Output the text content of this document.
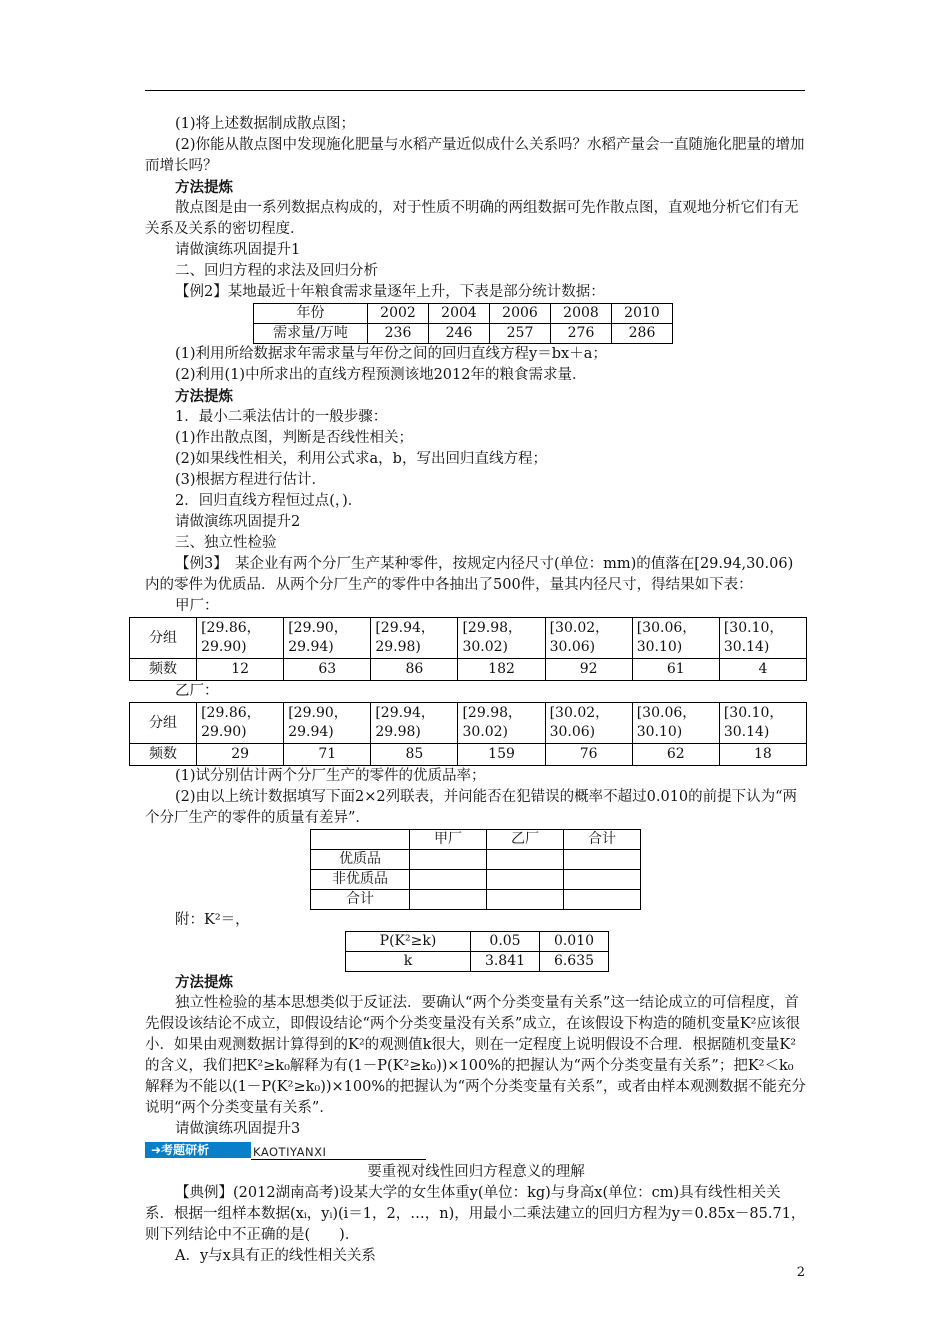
(1)将上述数据制成散点图；

(2)你能从散点图中发现施化肥量与水稻产量近似成什么关系吗？水稻产量会一直随施化肥量的增加而增长吗？

方法提炼

散点图是由一系列数据点构成的，对于性质不明确的两组数据可先作散点图，直观地分析它们有无关系及关系的密切程度．

请做演练巩固提升1

二、回归方程的求法及回归分析

【例2】某地最近十年粮食需求量逐年上升，下表是部分统计数据：

年份	2002	2004	2006	2008	2010
需求量/万吨	236	246	257	276	286

(1)利用所给数据求年需求量与年份之间的回归直线方程y＝bx＋a；

(2)利用(1)中所求出的直线方程预测该地2012年的粮食需求量．

方法提炼

1．最小二乘法估计的一般步骤：

(1)作出散点图，判断是否线性相关；

(2)如果线性相关，利用公式求a，b，写出回归直线方程；

(3)根据方程进行估计．

2．回归直线方程恒过点(，)．

请做演练巩固提升2

三、独立性检验

【例3】　 某企业有两个分厂生产某种零件，按规定内径尺寸(单位：mm)的值落在[29.94,30.06)内的零件为优质品．从两个分厂生产的零件中各抽出了500件，量其内径尺寸，得结果如下表：

甲厂：

分组	[29.86，29.90)	[29.90，29.94)	[29.94，29.98)	[29.98，30.02)	[30.02，30.06)	[30.06，30.10)	[30.10，30.14)
频数	12	63	86	182	92	61	4

乙厂：

分组	[29.86，29.90)	[29.90，29.94)	[29.94，29.98)	[29.98，30.02)	[30.02，30.06)	[30.06，30.10)	[30.10，30.14)
频数	29	71	85	159	76	62	18

(1)试分别估计两个分厂生产的零件的优质品率；

(2)由以上统计数据填写下面2×2列联表，并问能否在犯错误的概率不超过0.010的前提下认为“两个分厂生产的零件的质量有差异”．

	甲厂	乙厂	合计
优质品			
非优质品			
合计			

附：K²＝，

P(K²≥k)	0.05	0.010
k	3.841	6.635

方法提炼

独立性检验的基本思想类似于反证法．要确认“两个分类变量有关系”这一结论成立的可信程度，首先假设该结论不成立，即假设结论“两个分类变量没有关系”成立，在该假设下构造的随机变量K²应该很小．如果由观测数据计算得到的K²的观测值k很大，则在一定程度上说明假设不合理．根据随机变量K²的含义，我们把K²≥k₀解释为有(1－P(K²≥k₀))×100%的把握认为“两个分类变量有关系”；把K²＜k₀解释为不能以(1－P(K²≥k₀))×100%的把握认为“两个分类变量有关系”，或者由样本观测数据不能充分说明“两个分类变量有关系”．

请做演练巩固提升3

➜考题研析	KAOTIYANXI

要重视对线性回归方程意义的理解

【典例】(2012湖南高考)设某大学的女生体重y(单位：kg)与身高x(单位：cm)具有线性相关关系．根据一组样本数据(xᵢ，yᵢ)(i＝1，2，…，n)，用最小二乘法建立的回归方程为y＝0.85x－85.71，则下列结论中不正确的是(　　)．

A．y与x具有正的线性相关关系

2
